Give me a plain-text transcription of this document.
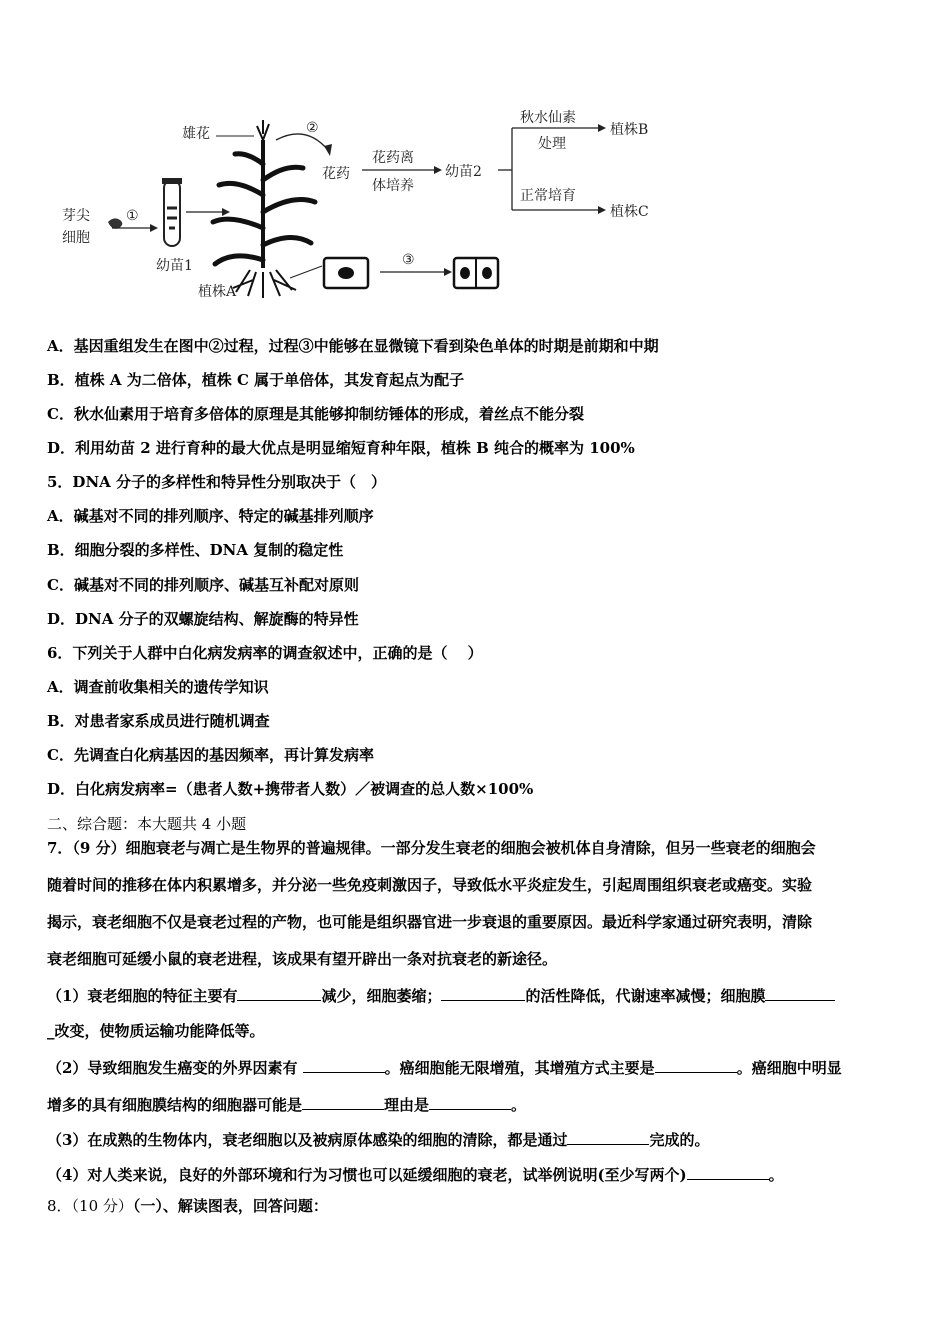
芽尖
细胞
①
幼苗1
雄花
植株A
②
花药
花药离
体培养
幼苗2
秋水仙素
处理
植株B
正常培育
植株C
③
A．基因重组发生在图中②过程，过程③中能够在显微镜下看到染色单体的时期是前期和中期
B．植株 A 为二倍体，植株 C 属于单倍体，其发育起点为配子
C．秋水仙素用于培育多倍体的原理是其能够抑制纺锤体的形成，着丝点不能分裂
D．利用幼苗 2 进行育种的最大优点是明显缩短育种年限，植株 B 纯合的概率为 100%
5．DNA 分子的多样性和特异性分别取决于（　）
A．碱基对不同的排列顺序、特定的碱基排列顺序
B．细胞分裂的多样性、DNA 复制的稳定性
C．碱基对不同的排列顺序、碱基互补配对原则
D．DNA 分子的双螺旋结构、解旋酶的特异性
6．下列关于人群中白化病发病率的调查叙述中，正确的是（　 ）
A．调查前收集相关的遗传学知识
B．对患者家系成员进行随机调查
C．先调查白化病基因的基因频率，再计算发病率
D．白化病发病率=（患者人数+携带者人数）／被调查的总人数×100%
二、综合题：本大题共 4 小题
7．（9 分）细胞衰老与凋亡是生物界的普遍规律。一部分发生衰老的细胞会被机体自身清除，但另一些衰老的细胞会
随着时间的推移在体内积累增多，并分泌一些免疫刺激因子，导致低水平炎症发生，引起周围组织衰老或癌变。实验
揭示，衰老细胞不仅是衰老过程的产物，也可能是组织器官进一步衰退的重要原因。最近科学家通过研究表明，清除
衰老细胞可延缓小鼠的衰老进程，该成果有望开辟出一条对抗衰老的新途径。
（1）衰老细胞的特征主要有	减少，细胞萎缩；	的活性降低，代谢速率减慢；细胞膜
_改变，使物质运输功能降低等。
（2）导致细胞发生癌变的外界因素有	。癌细胞能无限增殖，其增殖方式主要是	。癌细胞中明显
增多的具有细胞膜结构的细胞器可能是	理由是	。
（3）在成熟的生物体内，衰老细胞以及被病原体感染的细胞的清除，都是通过	完成的。
（4）对人类来说，良好的外部环境和行为习惯也可以延缓细胞的衰老，试举例说明(至少写两个)	。
8．（10 分）（一）、解读图表，回答问题：
